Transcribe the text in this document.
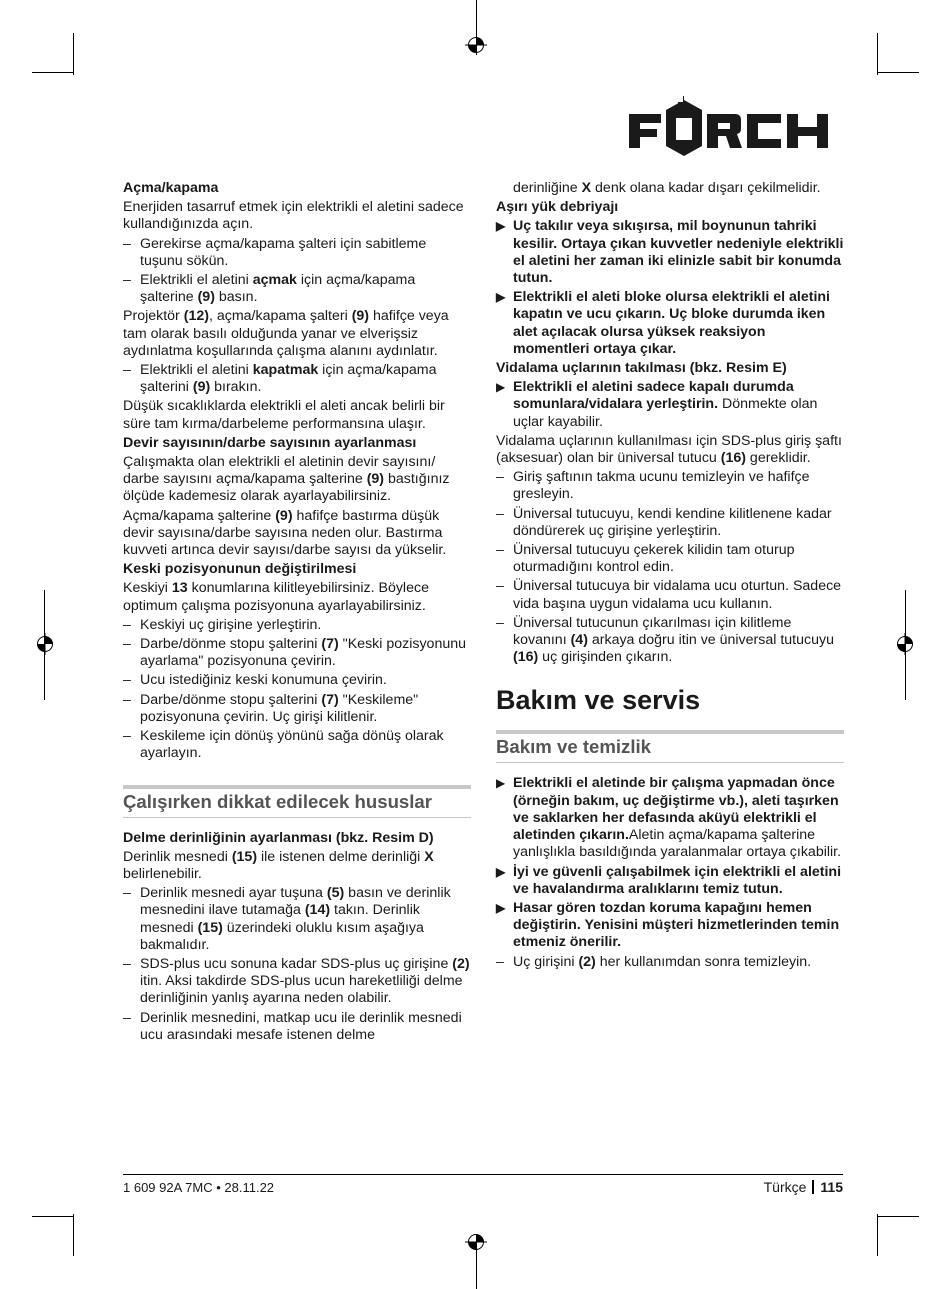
Açma/kapama

Enerjiden tasarruf etmek için elektrikli el aletini sadece kullandığınızda açın.

– Gerekirse açma/kapama şalteri için sabitleme tuşunu sökün.

– Elektrikli el aletini açmak için açma/kapama şalterine (9) basın.

Projektör (12), açma/kapama şalteri (9) hafifçe veya tam olarak basılı olduğunda yanar ve elverişsiz aydınlatma koşullarında çalışma alanını aydınlatır.

– Elektrikli el aletini kapatmak için açma/kapama şalterini (9) bırakın.

Düşük sıcaklıklarda elektrikli el aleti ancak belirli bir süre tam kırma/darbeleme performansına ulaşır.

Devir sayısının/darbe sayısının ayarlanması

Çalışmakta olan elektrikli el aletinin devir sayısını/ darbe sayısını açma/kapama şalterine (9) bastığınız ölçüde kademesiz olarak ayarlayabilirsiniz.

Açma/kapama şalterine (9) hafifçe bastırma düşük devir sayısına/darbe sayısına neden olur. Bastırma kuvveti artınca devir sayısı/darbe sayısı da yükselir.

Keski pozisyonunun değiştirilmesi

Keskiyi 13 konumlarına kilitleyebilirsiniz. Böylece optimum çalışma pozisyonuna ayarlayabilirsiniz.

– Keskiyi uç girişine yerleştirin.

– Darbe/dönme stopu şalterini (7) "Keski pozisyonunu ayarlama" pozisyonuna çevirin.

– Ucu istediğiniz keski konumuna çevirin.

– Darbe/dönme stopu şalterini (7) "Keskileme" pozisyonuna çevirin. Uç girişi kilitlenir.

– Keskileme için dönüş yönünü sağa dönüş olarak ayarlayın.

Çalışırken dikkat edilecek hususlar

Delme derinliğinin ayarlanması (bkz. Resim D)

Derinlik mesnedi (15) ile istenen delme derinliği X belirlenebilir.

– Derinlik mesnedi ayar tuşuna (5) basın ve derinlik mesnedini ilave tutamağa (14) takın. Derinlik mesnedi (15) üzerindeki oluklu kısım aşağıya bakmalıdır.

– SDS-plus ucu sonuna kadar SDS-plus uç girişine (2) itin. Aksi takdirde SDS-plus ucun hareketliliği delme derinliğinin yanlış ayarına neden olabilir.

– Derinlik mesnedini, matkap ucu ile derinlik mesnedi ucu arasındaki mesafe istenen delme

derinliğine X denk olana kadar dışarı çekilmelidir.

Aşırı yük debriyajı

▶ Uç takılır veya sıkışırsa, mil boynunun tahriki kesilir. Ortaya çıkan kuvvetler nedeniyle elektrikli el aletini her zaman iki elinizle sabit bir konumda tutun.

▶ Elektrikli el aleti bloke olursa elektrikli el aletini kapatın ve ucu çıkarın. Uç bloke durumda iken alet açılacak olursa yüksek reaksiyon momentleri ortaya çıkar.

Vidalama uçlarının takılması (bkz. Resim E)

▶ Elektrikli el aletini sadece kapalı durumda somunlara/vidalara yerleştirin. Dönmekte olan uçlar kayabilir.

Vidalama uçlarının kullanılması için SDS-plus giriş şaftı (aksesuar) olan bir üniversal tutucu (16) gereklidir.

– Giriş şaftının takma ucunu temizleyin ve hafifçe gresleyin.

– Üniversal tutucuyu, kendi kendine kilitlenene kadar döndürerek uç girişine yerleştirin.

– Üniversal tutucuyu çekerek kilidin tam oturup oturmadığını kontrol edin.

– Üniversal tutucuya bir vidalama ucu oturtun. Sadece vida başına uygun vidalama ucu kullanın.

– Üniversal tutucunun çıkarılması için kilitleme kovanını (4) arkaya doğru itin ve üniversal tutucuyu (16) uç girişinden çıkarın.

Bakım ve servis
Bakım ve temizlik

▶ Elektrikli el aletinde bir çalışma yapmadan önce (örneğin bakım, uç değiştirme vb.), aleti taşırken ve saklarken her defasında aküyü elektrikli el aletinden çıkarın.Aletin açma/kapama şalterine yanlışlıkla basıldığında yaralanmalar ortaya çıkabilir.

▶ İyi ve güvenli çalışabilmek için elektrikli el aletini ve havalandırma aralıklarını temiz tutun.

▶ Hasar gören tozdan koruma kapağını hemen değiştirin. Yenisini müşteri hizmetlerinden temin etmeniz önerilir.

– Uç girişini (2) her kullanımdan sonra temizleyin.

1 609 92A 7MC • 28.11.22	Türkçe 115
